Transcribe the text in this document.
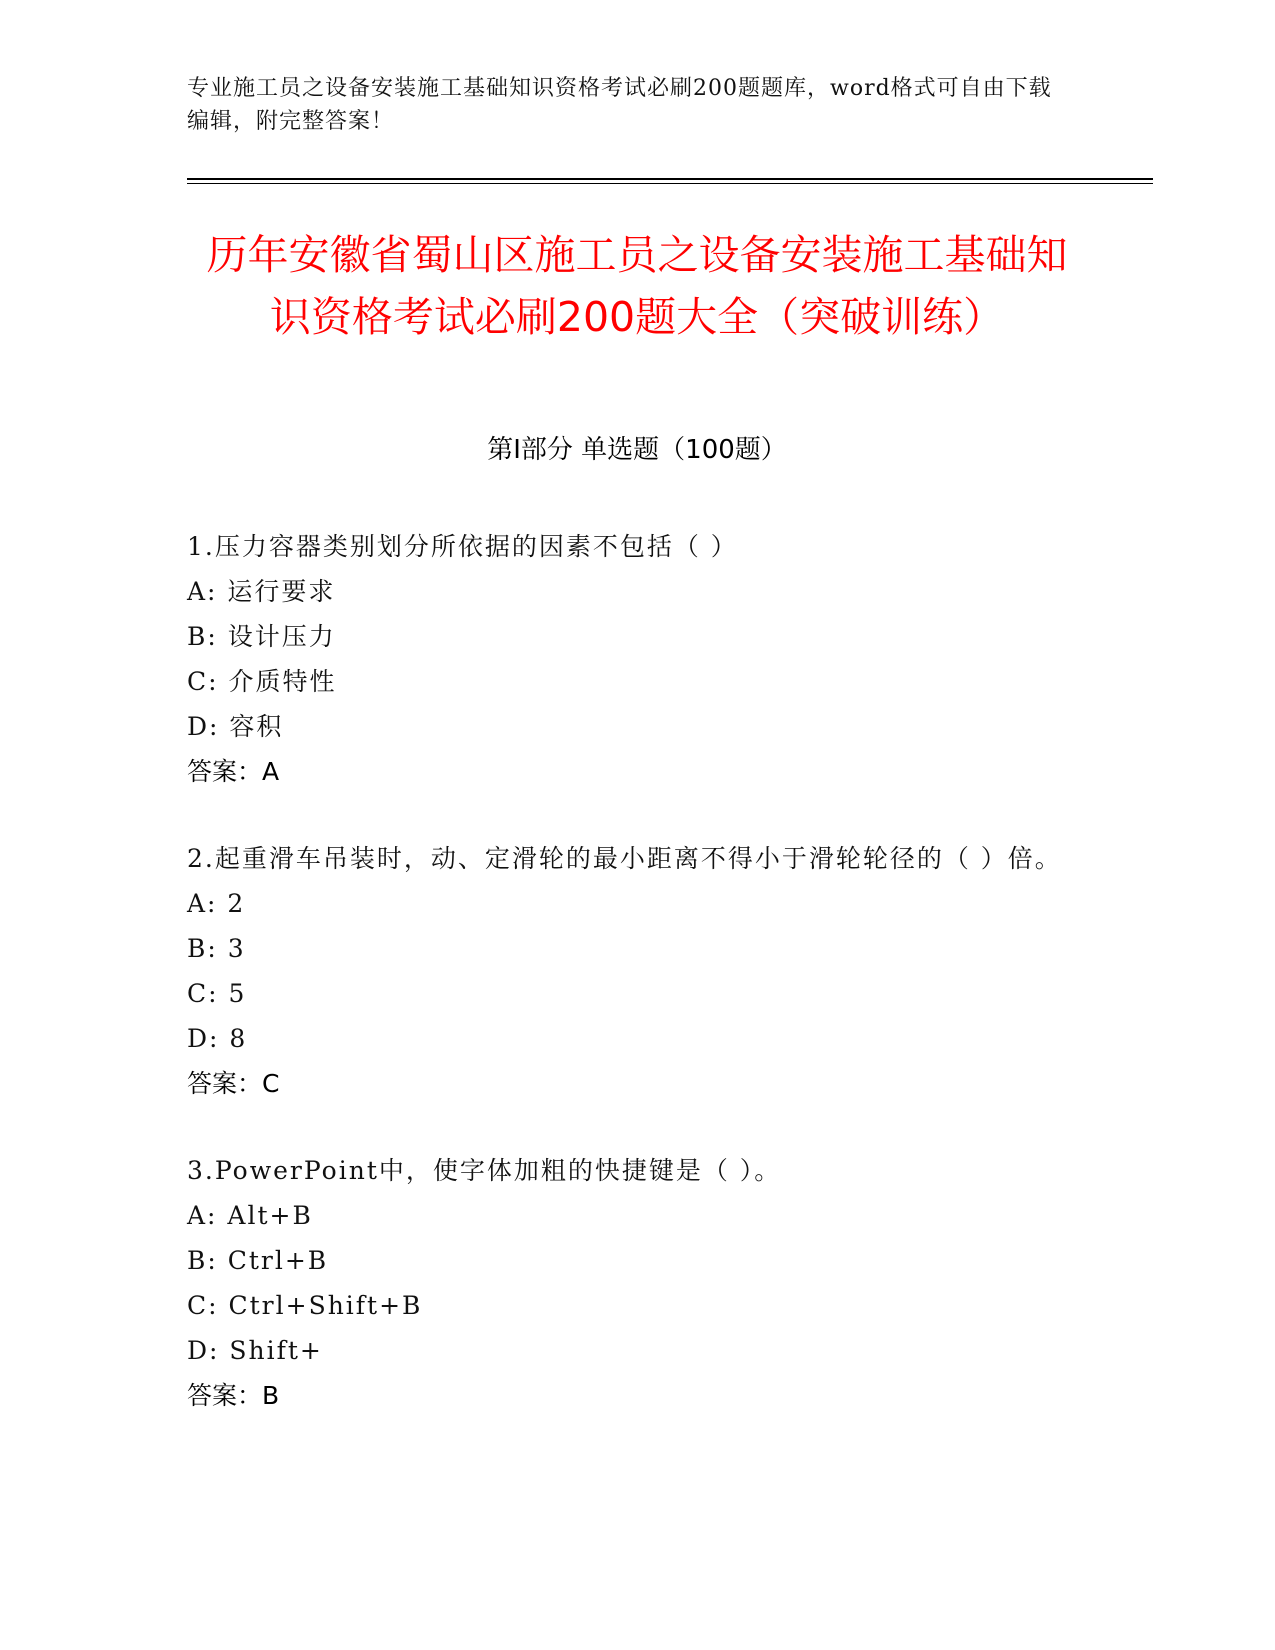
专业施工员之设备安装施工基础知识资格考试必刷200题题库，word格式可自由下载编辑，附完整答案！
历年安徽省蜀山区施工员之设备安装施工基础知识资格考试必刷200题大全（突破训练）
第Ⅰ部分 单选题（100题）
1.压力容器类别划分所依据的因素不包括（ ）
A: 运行要求
B: 设计压力
C: 介质特性
D: 容积
答案：A
2.起重滑车吊装时，动、定滑轮的最小距离不得小于滑轮轮径的（ ）倍。
A: 2
B: 3
C: 5
D: 8
答案：C
3.PowerPoint中，使字体加粗的快捷键是（ ）。
A: Alt+B
B: Ctrl+B
C: Ctrl+Shift+B
D: Shift+
答案：B
